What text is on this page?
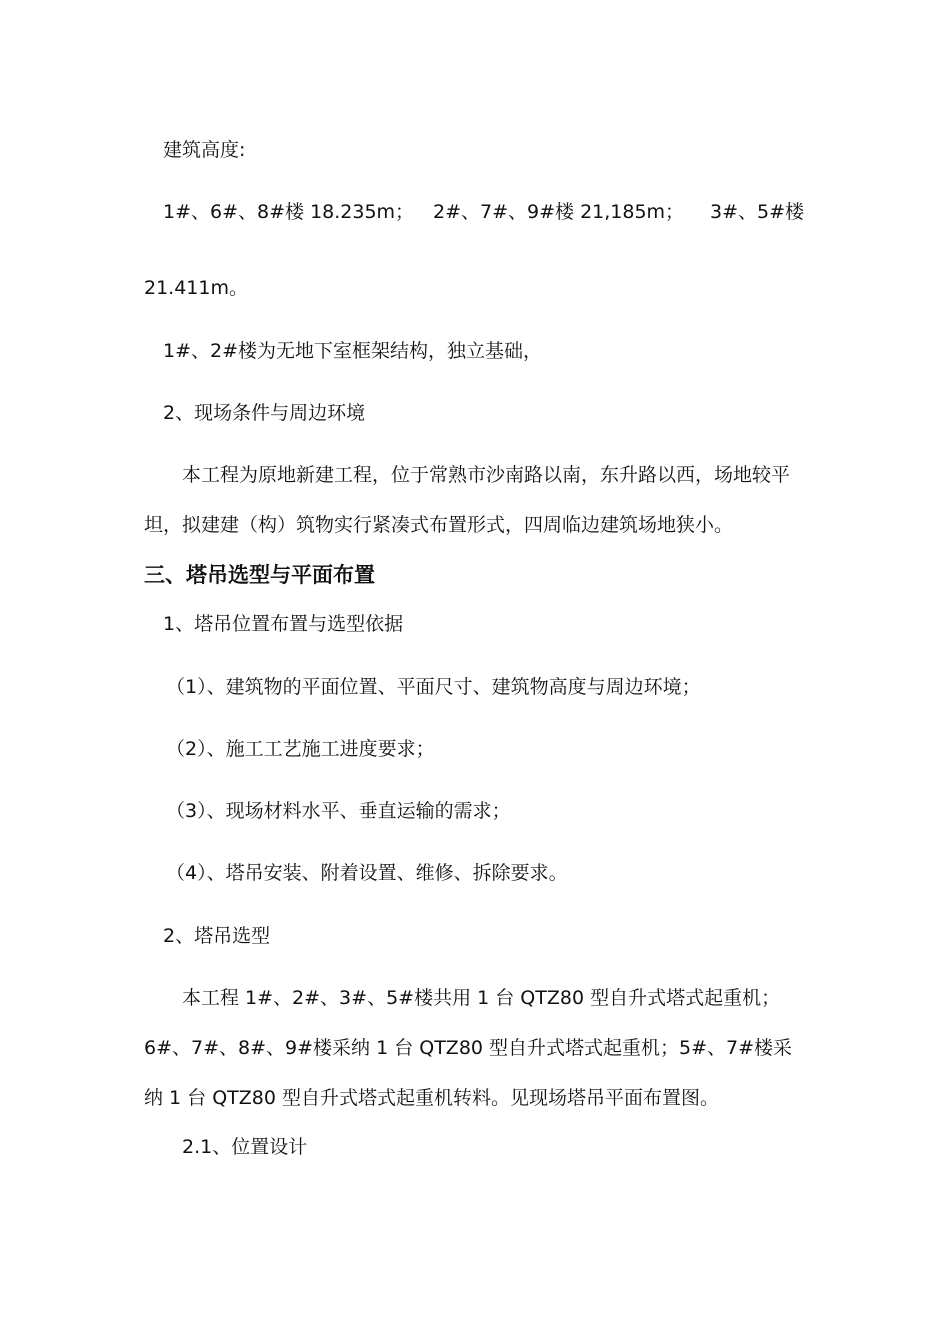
建筑高度:
1#、6#、8#楼 18.235m； 2#、7#、9#楼 21,185m； 3#、5#楼
21.411m。
1#、2#楼为无地下室框架结构，独立基础，
2、现场条件与周边环境
本工程为原地新建工程，位于常熟市沙南路以南，东升路以西，场地较平
坦，拟建建（构）筑物实行紧凑式布置形式，四周临边建筑场地狭小。
三、塔吊选型与平面布置
1、塔吊位置布置与选型依据
（1）、建筑物的平面位置、平面尺寸、建筑物高度与周边环境；
（2）、施工工艺施工进度要求；
（3）、现场材料水平、垂直运输的需求；
（4）、塔吊安装、附着设置、维修、拆除要求。
2、塔吊选型
本工程 1#、2#、3#、5#楼共用 1 台 QTZ80 型自升式塔式起重机；
6#、7#、8#、9#楼采纳 1 台 QTZ80 型自升式塔式起重机；5#、7#楼采
纳 1 台 QTZ80 型自升式塔式起重机转料。见现场塔吊平面布置图。
2.1、位置设计
